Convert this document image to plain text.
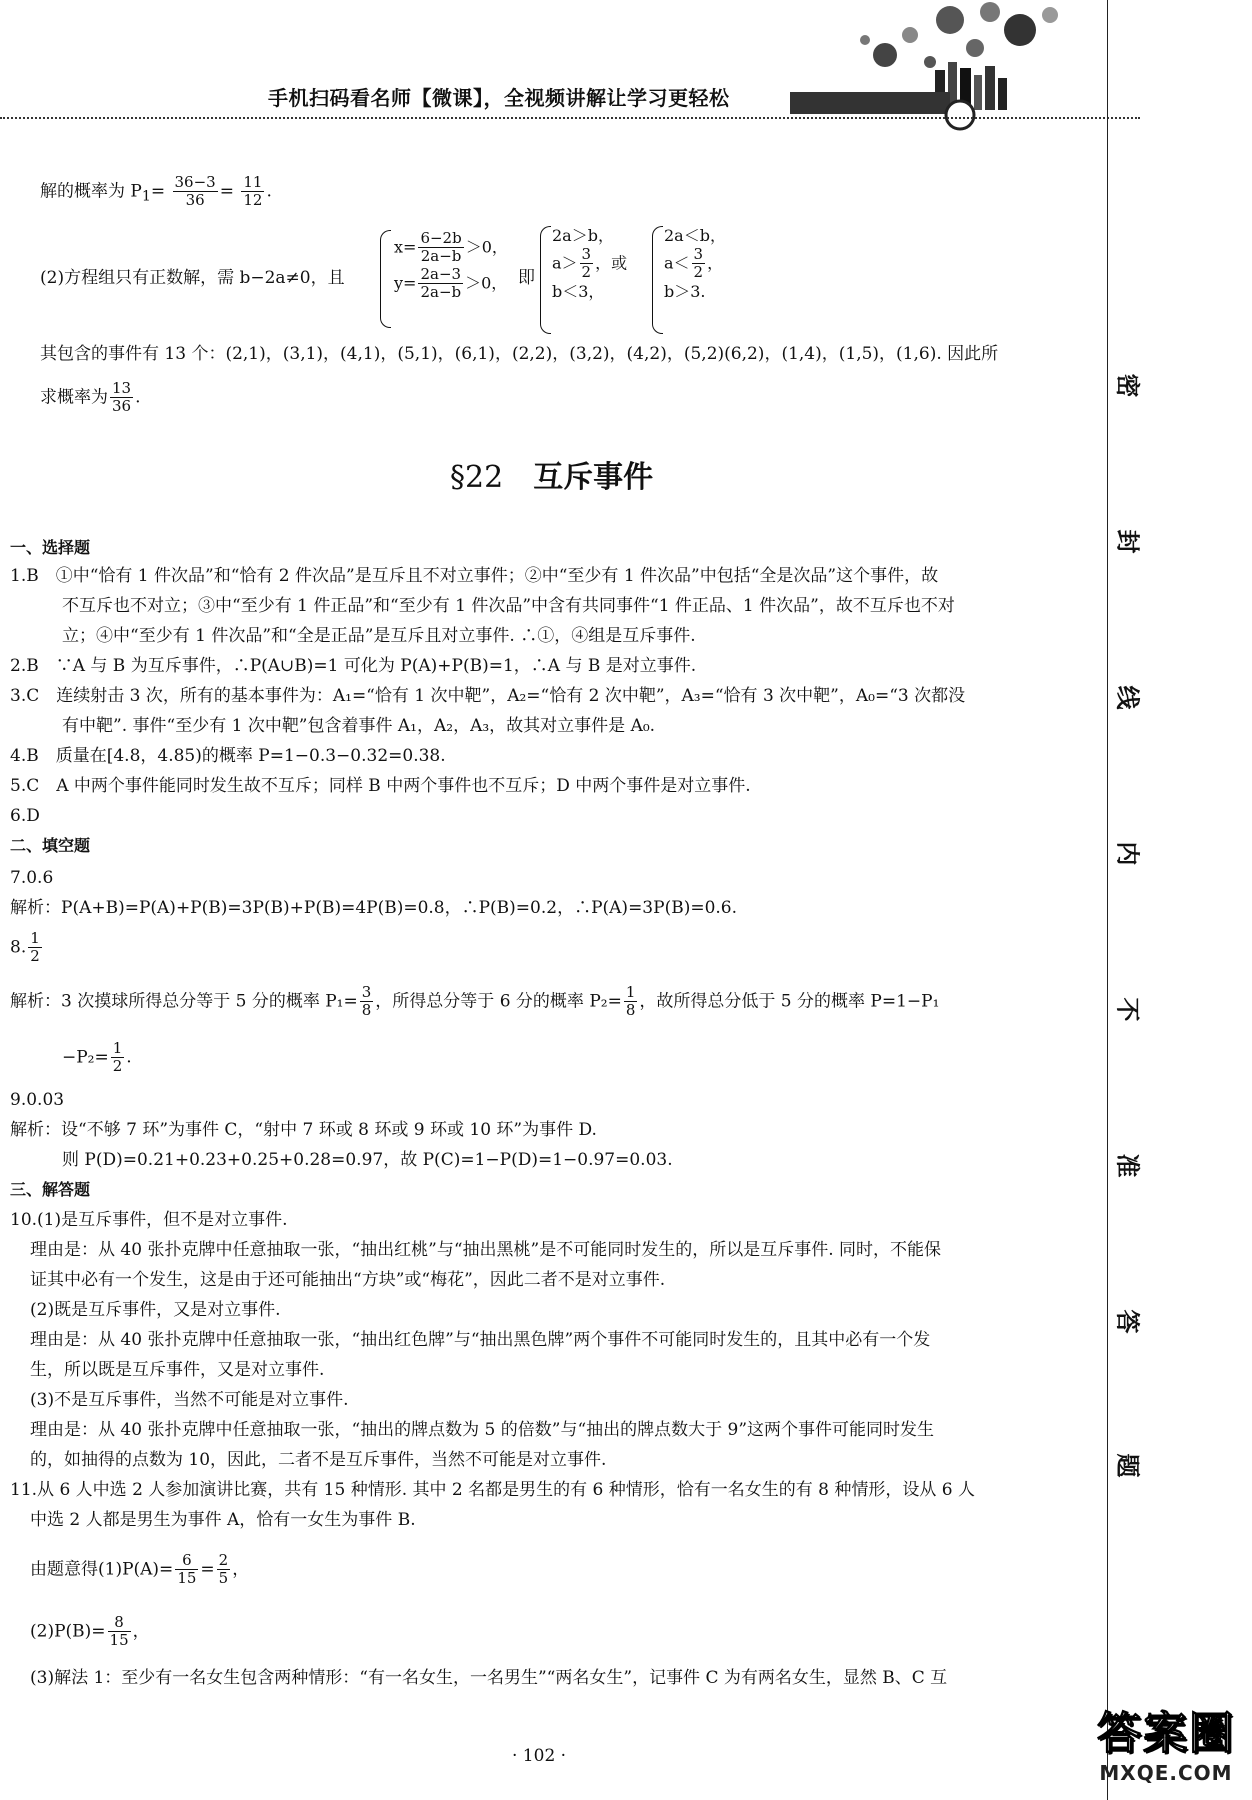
手机扫码看名师【微课】，全视频讲解让学习更轻松
密
封
线
内
不
准
答
题
解的概率为 $P_1= \frac{36-3}{36} = \frac{11}{12}$ .
(2)方程组只有正数解，需 b−2a≠0，且
$x= \frac{6-2b}{2a-b} >0$，
$y= \frac{2a-3}{2a-b} >0$， 即
2a＞b，
$a> \frac{3}{2}$ ，或
b＜3，
2a＜b，
$a< \frac{3}{2}$ ，
b＞3.
其包含的事件有 13 个：(2,1)，(3,1)，(4,1)，(5,1)，(6,1)，(2,2)，(3,2)，(4,2)，(5,2)(6,2)，(1,4)，(1,5)，(1,6). 因此所
求概率为 $\frac{13}{36}$ .
§22 互斥事件
一、选择题
1.B　①中“恰有 1 件次品”和“恰有 2 件次品”是互斥且不对立事件；②中“至少有 1 件次品”中包括“全是次品”这个事件，故
不互斥也不对立；③中“至少有 1 件正品”和“至少有 1 件次品”中含有共同事件“1 件正品、1 件次品”，故不互斥也不对
立；④中“至少有 1 件次品”和“全是正品”是互斥且对立事件. ∴①，④组是互斥事件.
2.B　∵A 与 B 为互斥事件，∴P(A∪B)=1 可化为 P(A)+P(B)=1，∴A 与 B 是对立事件.
3.C　连续射击 3 次，所有的基本事件为：A₁=“恰有 1 次中靶”，A₂=“恰有 2 次中靶”，A₃=“恰有 3 次中靶”，A₀=“3 次都没
有中靶”. 事件“至少有 1 次中靶”包含着事件 A₁，A₂，A₃，故其对立事件是 A₀.
4.B　质量在[4.8，4.85)的概率 P=1−0.3−0.32=0.38.
5.C　A 中两个事件能同时发生故不互斥；同样 B 中两个事件也不互斥；D 中两个事件是对立事件.
6.D
二、填空题
7.0.6
解析：P(A+B)=P(A)+P(B)=3P(B)+P(B)=4P(B)=0.8，∴P(B)=0.2，∴P(A)=3P(B)=0.6.
8. $\frac{1}{2}$
解析：3 次摸球所得总分等于 5 分的概率 $P_1= \frac{3}{8}$ ，所得总分等于 6 分的概率 $P_2= \frac{1}{8}$ ，故所得总分低于 5 分的概率 P=1−P₁
$-P_2= \frac{1}{2}$ .
9.0.03
解析：设“不够 7 环”为事件 C，“射中 7 环或 8 环或 9 环或 10 环”为事件 D.
则 P(D)=0.21+0.23+0.25+0.28=0.97，故 P(C)=1−P(D)=1−0.97=0.03.
三、解答题
10.(1)是互斥事件，但不是对立事件.
理由是：从 40 张扑克牌中任意抽取一张，“抽出红桃”与“抽出黑桃”是不可能同时发生的，所以是互斥事件. 同时，不能保
证其中必有一个发生，这是由于还可能抽出“方块”或“梅花”，因此二者不是对立事件.
(2)既是互斥事件，又是对立事件.
理由是：从 40 张扑克牌中任意抽取一张，“抽出红色牌”与“抽出黑色牌”两个事件不可能同时发生的，且其中必有一个发
生，所以既是互斥事件，又是对立事件.
(3)不是互斥事件，当然不可能是对立事件.
理由是：从 40 张扑克牌中任意抽取一张，“抽出的牌点数为 5 的倍数”与“抽出的牌点数大于 9”这两个事件可能同时发生
的，如抽得的点数为 10，因此，二者不是互斥事件，当然不可能是对立事件.
11.从 6 人中选 2 人参加演讲比赛，共有 15 种情形. 其中 2 名都是男生的有 6 种情形，恰有一名女生的有 8 种情形，设从 6 人
中选 2 人都是男生为事件 A，恰有一女生为事件 B.
由题意得$(1)P(A)= \frac{6}{15} = \frac{2}{5}$ ，
$(2)P(B)= \frac{8}{15}$ ，
(3)解法 1：至少有一名女生包含两种情形：“有一名女生，一名男生”“两名女生”，记事件 C 为有两名女生，显然 B、C 互
· 102 ·	答案圈
MXQE.COM
